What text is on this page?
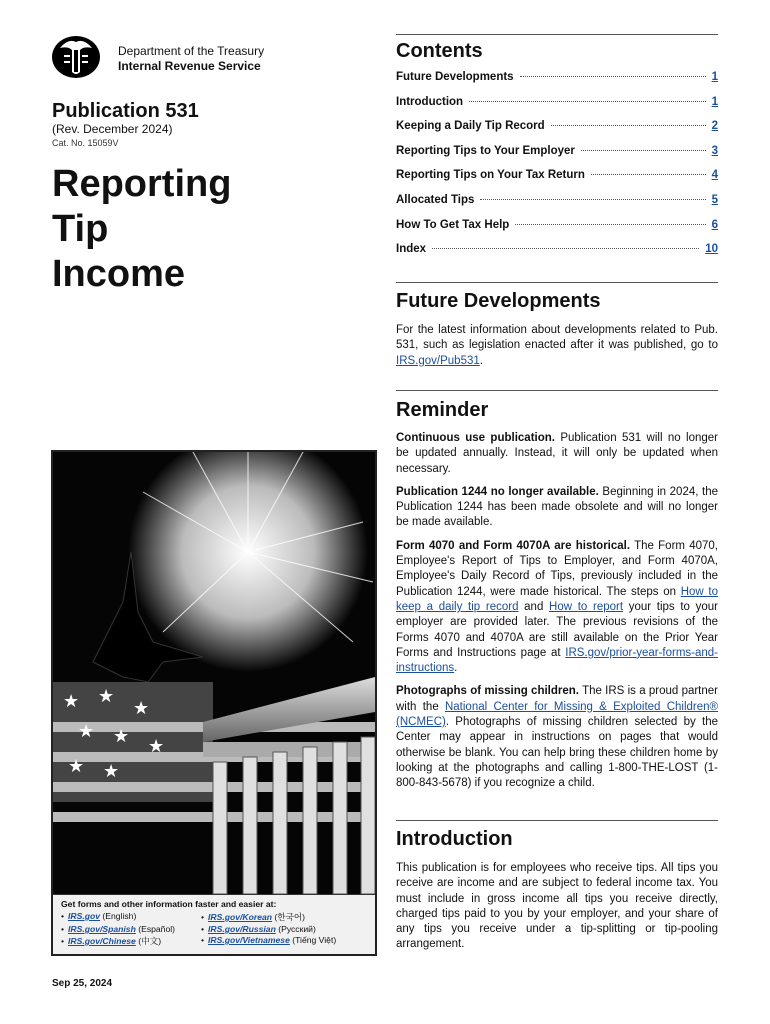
Department of the Treasury
Internal Revenue Service
Publication 531
(Rev. December 2024)
Cat. No. 15059V
Reporting
Tip
Income
★ ★
★
★ ★ ★
★ ★
Get forms and other information faster and easier at:
• IRS.gov (English)	• IRS.gov/Korean (한국어)
• IRS.gov/Spanish (Español)	• IRS.gov/Russian (Русский)
• IRS.gov/Chinese (中文)	• IRS.gov/Vietnamese (Tiếng Việt)
Sep 25, 2024
Contents
Future Developments	1
Introduction	1
Keeping a Daily Tip Record	2
Reporting Tips to Your Employer	3
Reporting Tips on Your Tax Return	4
Allocated Tips	5
How To Get Tax Help	6
Index	10
Future Developments

For the latest information about developments related to Pub. 531, such as legislation enacted after it was published, go to IRS.gov/Pub531.

Reminder

Continuous use publication. Publication 531 will no longer be updated annually. Instead, it will only be updated when necessary.

Publication 1244 no longer available. Beginning in 2024, the Publication 1244 has been made obsolete and will no longer be made available.

Form 4070 and Form 4070A are historical. The Form 4070, Employee's Report of Tips to Employer, and Form 4070A, Employee's Daily Record of Tips, previously included in the Publication 1244, were made historical. The steps on How to keep a daily tip record and How to report your tips to your employer are provided later. The previous revisions of the Forms 4070 and 4070A are still available on the Prior Year Forms and Instructions page at IRS.gov/prior-year-forms-and-instructions.

Photographs of missing children. The IRS is a proud partner with the National Center for Missing & Exploited Children® (NCMEC). Photographs of missing children selected by the Center may appear in instructions on pages that would otherwise be blank. You can help bring these children home by looking at the photographs and calling 1-800-THE-LOST (1-800-843-5678) if you recognize a child.

Introduction

This publication is for employees who receive tips. All tips you receive are income and are subject to federal income tax. You must include in gross income all tips you receive directly, charged tips paid to you by your employer, and your share of any tips you receive under a tip-splitting or tip-pooling arrangement.
